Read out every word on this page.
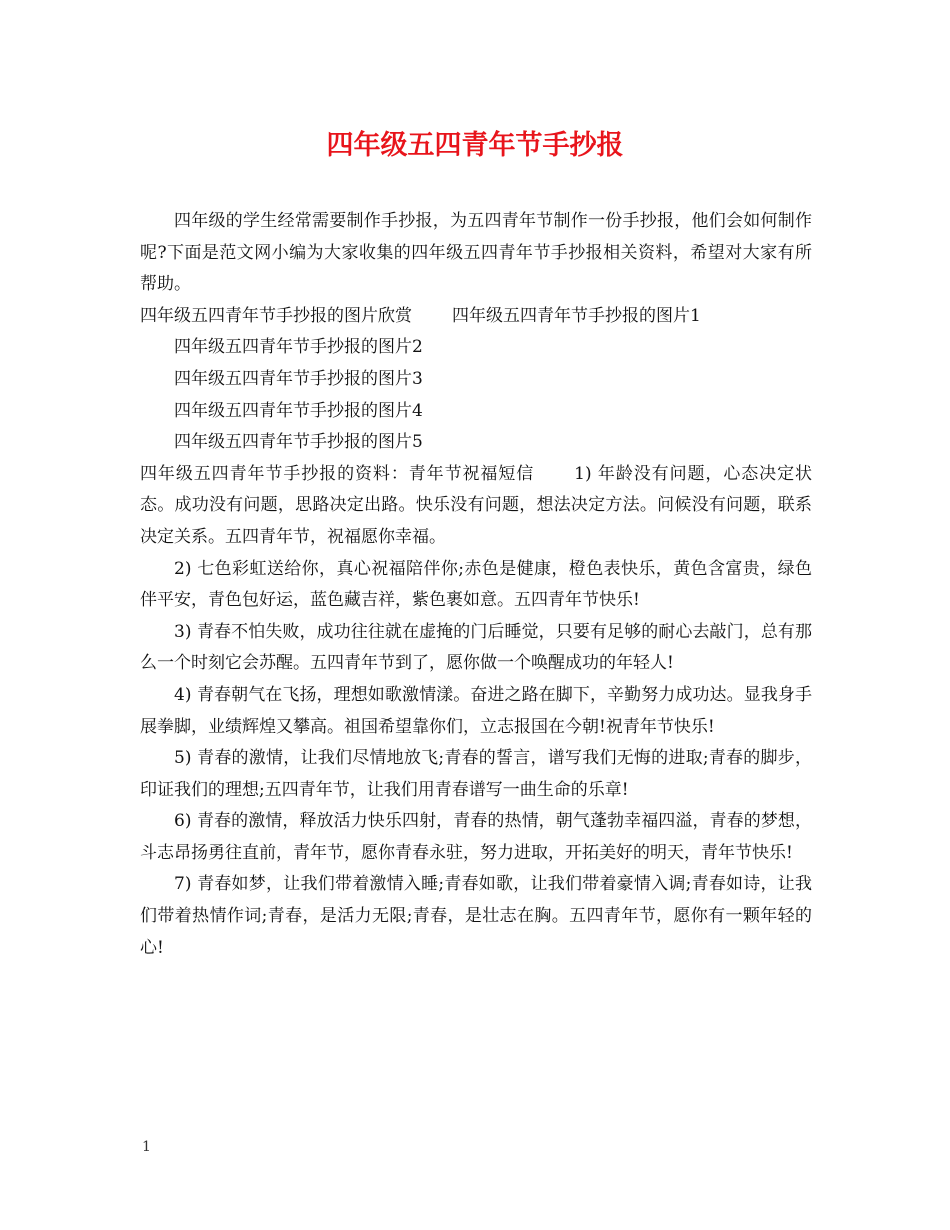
四年级五四青年节手抄报

四年级的学生经常需要制作手抄报，为五四青年节制作一份手抄报，他们会如何制作呢?下面是范文网小编为大家收集的四年级五四青年节手抄报相关资料，希望对大家有所帮助。

四年级五四青年节手抄报的图片欣赏 四年级五四青年节手抄报的图片1
四年级五四青年节手抄报的图片2
四年级五四青年节手抄报的图片3
四年级五四青年节手抄报的图片4
四年级五四青年节手抄报的图片5

四年级五四青年节手抄报的资料：青年节祝福短信 1) 年龄没有问题，心态决定状态。成功没有问题，思路决定出路。快乐没有问题，想法决定方法。问候没有问题，联系决定关系。五四青年节，祝福愿你幸福。

2) 七色彩虹送给你，真心祝福陪伴你;赤色是健康，橙色表快乐，黄色含富贵，绿色伴平安，青色包好运，蓝色藏吉祥，紫色裹如意。五四青年节快乐!

3) 青春不怕失败，成功往往就在虚掩的门后睡觉，只要有足够的耐心去敲门，总有那么一个时刻它会苏醒。五四青年节到了，愿你做一个唤醒成功的年轻人!

4) 青春朝气在飞扬，理想如歌激情漾。奋进之路在脚下，辛勤努力成功达。显我身手展拳脚，业绩辉煌又攀高。祖国希望靠你们，立志报国在今朝!祝青年节快乐!

5) 青春的激情，让我们尽情地放飞;青春的誓言，谱写我们无悔的进取;青春的脚步，印证我们的理想;五四青年节，让我们用青春谱写一曲生命的乐章!

6) 青春的激情，释放活力快乐四射，青春的热情，朝气蓬勃幸福四溢，青春的梦想，斗志昂扬勇往直前，青年节，愿你青春永驻，努力进取，开拓美好的明天，青年节快乐!

7) 青春如梦，让我们带着激情入睡;青春如歌，让我们带着豪情入调;青春如诗，让我们带着热情作词;青春，是活力无限;青春，是壮志在胸。五四青年节，愿你有一颗年轻的心!

1
